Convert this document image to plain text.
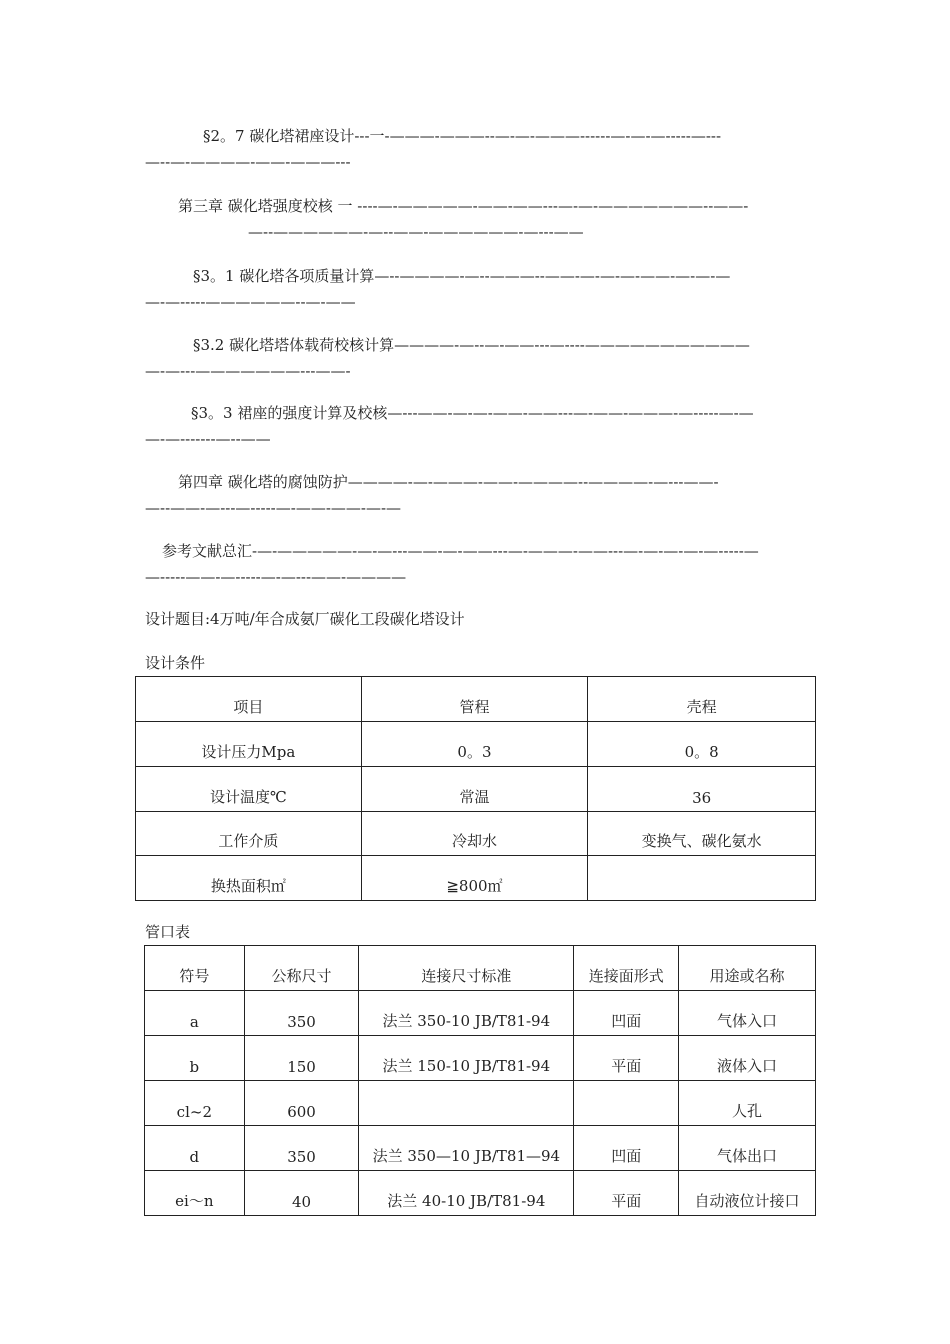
§2。7 碳化塔裙座设计---一-———-———--—-—-———------—-—-—-----—---
—--—-————-——-———---
第三章 碳化塔强度校核 一 ----—-—————-——-——---—-—-———————--——-
—--——————-—--——-——————-—---——
§3。1 碳化塔各项质量计算—--————-—--———--——-—-—-—-——-—-—-—
—-—-----——————--—-——
§3.2 碳化塔塔体载荷校核计算————-—--—-——---—----———————————
—-—---———————---——-
§3。3 裙座的强度计算及校核—---——-—-—-——-——---—-——-———-—-----—-—
—-—-------—--——
第四章 碳化塔的腐蚀防护————-—-———-——-————--————-—---——-
—--——-—---—-----—-——-——-—-—
参考文献总汇-—-—————-—-—---——-—-——---—-———-——---—-—-—-—-—-----—
—-----——-—-----—-—---——-————
设计题目:4万吨/年合成氨厂碳化工段碳化塔设计
设计条件
项目	管程	壳程
设计压力Mpa	0。3	0。8
设计温度℃	常温	36
工作介质	冷却水	变换气、碳化氨水
换热面积㎡	≧800㎡	
管口表
符号	公称尺寸	连接尺寸标准	连接面形式	用途或名称
a	350	法兰 350-10 JB/T81-94	凹面	气体入口
b	150	法兰 150-10 JB/T81-94	平面	液体入口
cl~2	600			人孔
d	350	法兰 350—10 JB/T81—94	凹面	气体出口
ei～n	40	法兰 40-10 JB/T81-94	平面	自动液位计接口
